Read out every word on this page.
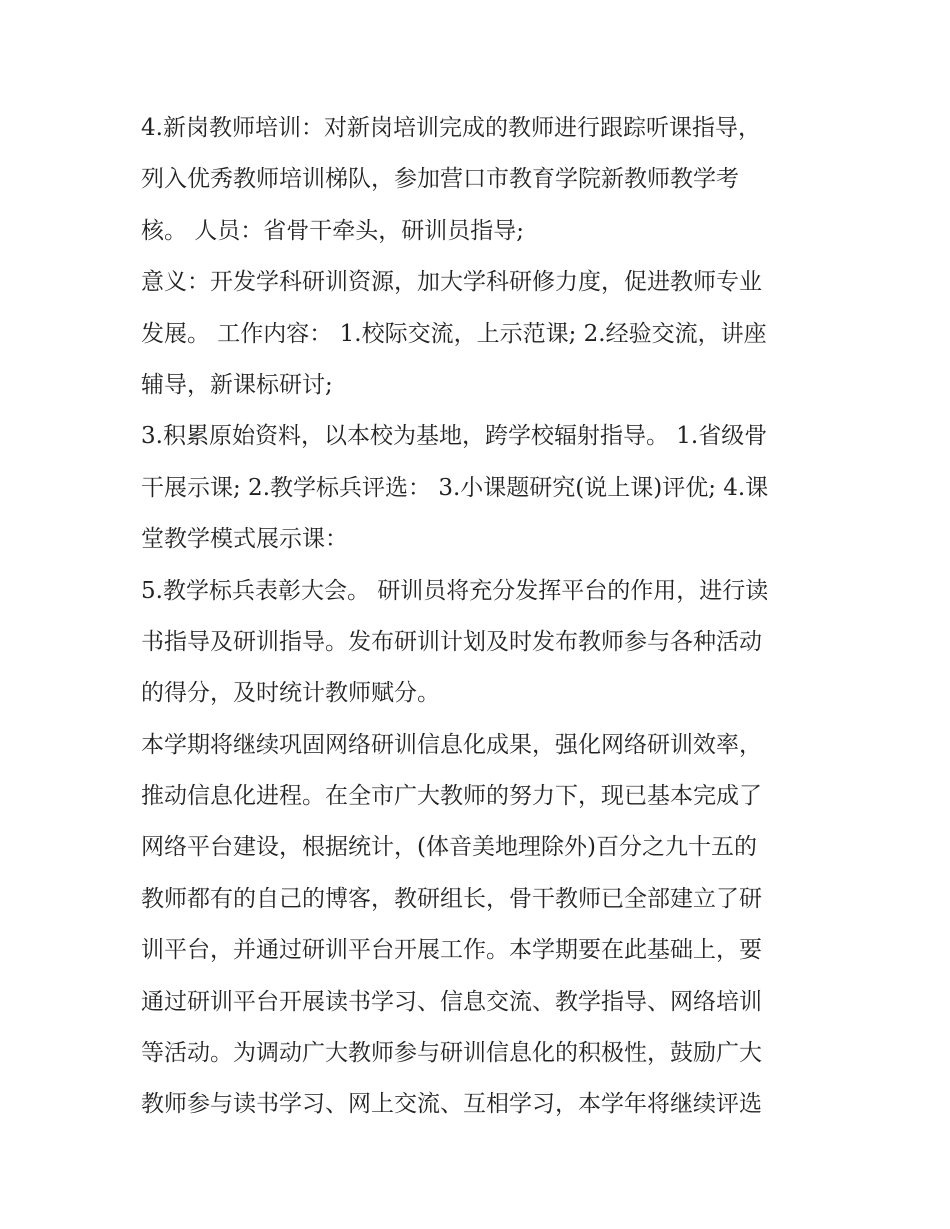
4.新岗教师培训：对新岗培训完成的教师进行跟踪听课指导，
列入优秀教师培训梯队，参加营口市教育学院新教师教学考
核。 人员：省骨干牵头，研训员指导;
意义：开发学科研训资源，加大学科研修力度，促进教师专业
发展。 工作内容： 1.校际交流，上示范课; 2.经验交流，讲座
辅导，新课标研讨;
3.积累原始资料，以本校为基地，跨学校辐射指导。 1.省级骨
干展示课; 2.教学标兵评选： 3.小课题研究(说上课)评优; 4.课
堂教学模式展示课：
5.教学标兵表彰大会。 研训员将充分发挥平台的作用，进行读
书指导及研训指导。发布研训计划及时发布教师参与各种活动
的得分，及时统计教师赋分。
本学期将继续巩固网络研训信息化成果，强化网络研训效率，
推动信息化进程。在全市广大教师的努力下，现已基本完成了
网络平台建设，根据统计，(体音美地理除外)百分之九十五的
教师都有的自己的博客，教研组长，骨干教师已全部建立了研
训平台，并通过研训平台开展工作。本学期要在此基础上，要
通过研训平台开展读书学习、信息交流、教学指导、网络培训
等活动。为调动广大教师参与研训信息化的积极性，鼓励广大
教师参与读书学习、网上交流、互相学习，本学年将继续评选
